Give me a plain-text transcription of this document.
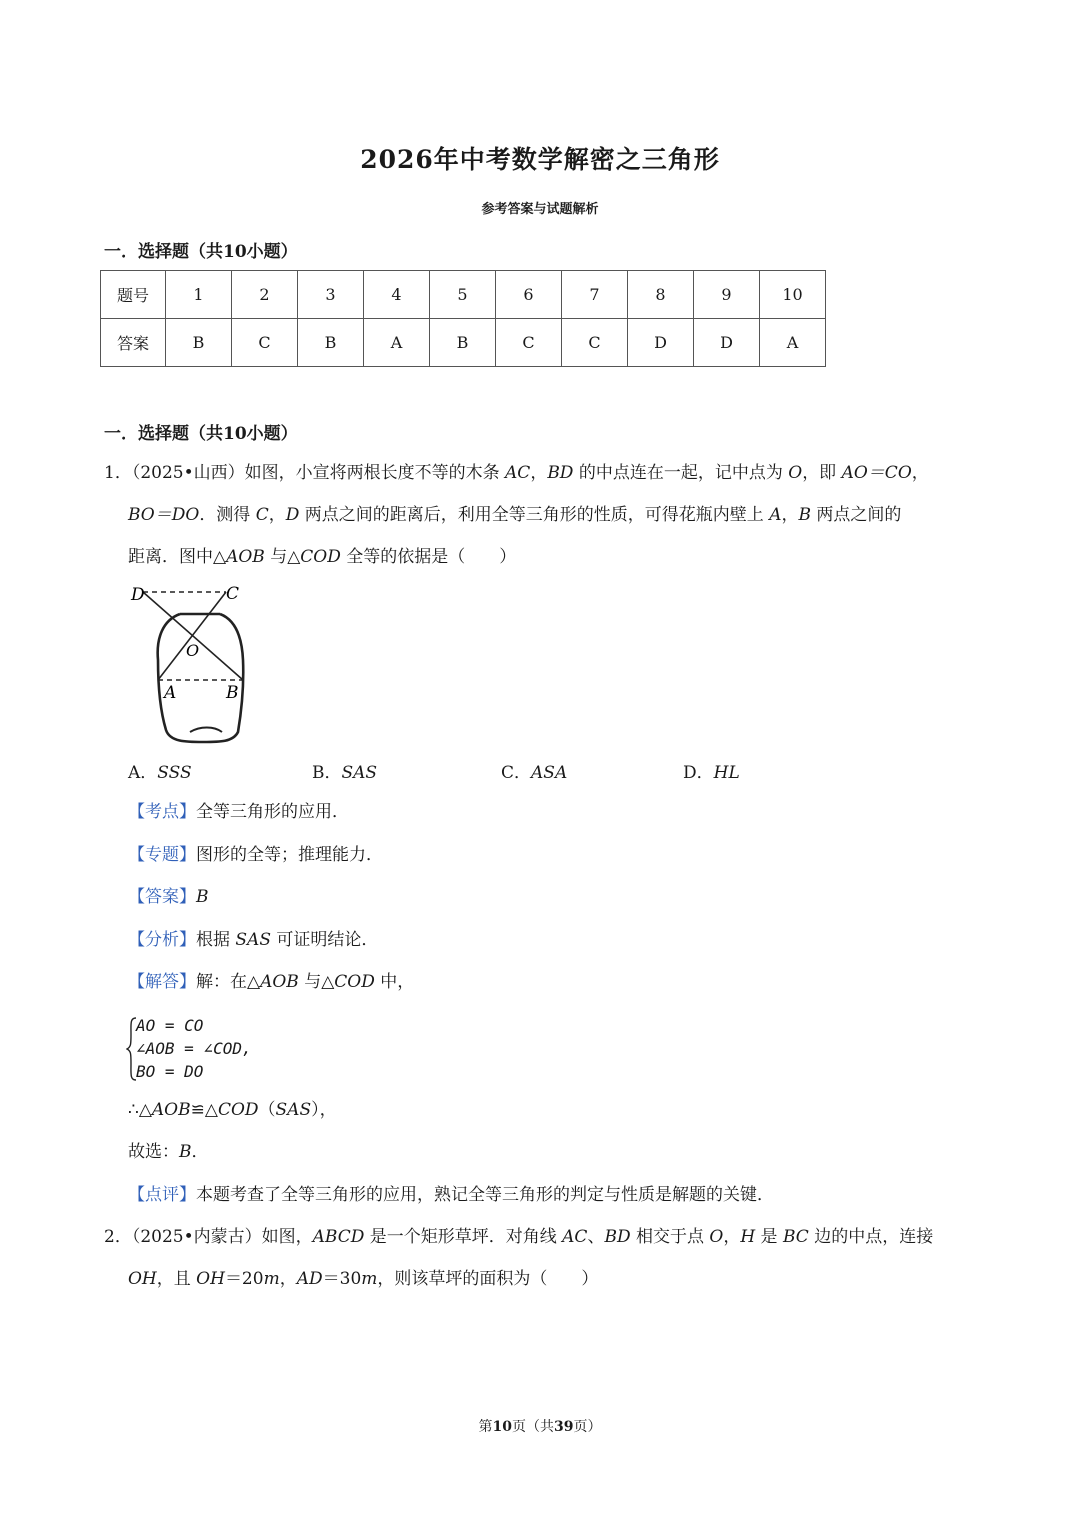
2026年中考数学解密之三角形
参考答案与试题解析
一．选择题（共10小题）
题号	1	2	3	4	5	6	7	8	9	10
答案	B	C	B	A	B	C	C	D	D	A
一．选择题（共10小题）
1．（2025•山西）如图，小宣将两根长度不等的木条 AC，BD 的中点连在一起，记中点为 O，即 AO＝CO，
BO＝DO．测得 C，D 两点之间的距离后，利用全等三角形的性质，可得花瓶内壁上 A，B 两点之间的
距离．图中△AOB 与△COD 全等的依据是（　　）
D	C
O
A	B
A．SSS	B．SAS	C．ASA	D．HL
【考点】全等三角形的应用．
【专题】图形的全等；推理能力．
【答案】B
【分析】根据 SAS 可证明结论．
【解答】解：在△AOB 与△COD 中，
AO = CO
∠AOB = ∠COD,
BO = DO
∴△AOB≌△COD（SAS），
故选：B．
【点评】本题考查了全等三角形的应用，熟记全等三角形的判定与性质是解题的关键．
2．（2025•内蒙古）如图，ABCD 是一个矩形草坪．对角线 AC、BD 相交于点 O，H 是 BC 边的中点，连接
OH，且 OH＝20m，AD＝30m，则该草坪的面积为（　　）
第10页（共39页）
